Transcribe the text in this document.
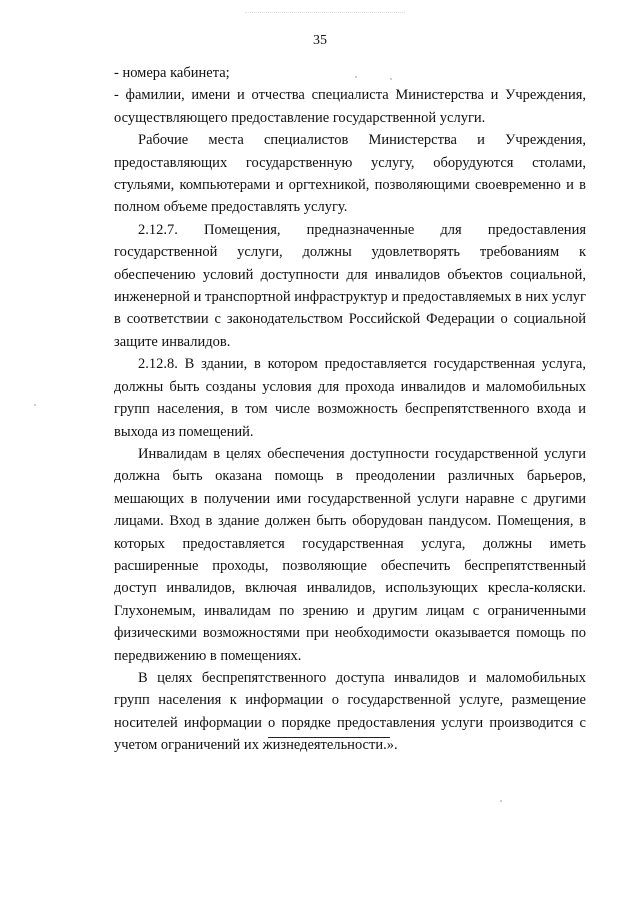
35

- номера кабинета;

- фамилии, имени и отчества специалиста Министерства и Учреждения, осуществляющего предоставление государственной услуги.

Рабочие места специалистов Министерства и Учреждения, предоставляющих государственную услугу, оборудуются столами, стульями, компьютерами и оргтехникой, позволяющими своевременно и в полном объеме предоставлять услугу.

2.12.7. Помещения, предназначенные для предоставления государственной услуги, должны удовлетворять требованиям к обеспечению условий доступности для инвалидов объектов социальной, инженерной и транспортной инфраструктур и предоставляемых в них услуг в соответствии с законодательством Российской Федерации о социальной защите инвалидов.

2.12.8. В здании, в котором предоставляется государственная услуга, должны быть созданы условия для прохода инвалидов и маломобильных групп населения, в том числе возможность беспрепятственного входа и выхода из помещений.

Инвалидам в целях обеспечения доступности государственной услуги должна быть оказана помощь в преодолении различных барьеров, мешающих в получении ими государственной услуги наравне с другими лицами. Вход в здание должен быть оборудован пандусом. Помещения, в которых предоставляется государственная услуга, должны иметь расширенные проходы, позволяющие обеспечить беспрепятственный доступ инвалидов, включая инвалидов, использующих кресла-коляски. Глухонемым, инвалидам по зрению и другим лицам с ограниченными физическими возможностями при необходимости оказывается помощь по передвижению в помещениях.

В целях беспрепятственного доступа инвалидов и маломобильных групп населения к информации о государственной услуге, размещение носителей информации о порядке предоставления услуги производится с учетом ограничений их жизнедеятельности.».
